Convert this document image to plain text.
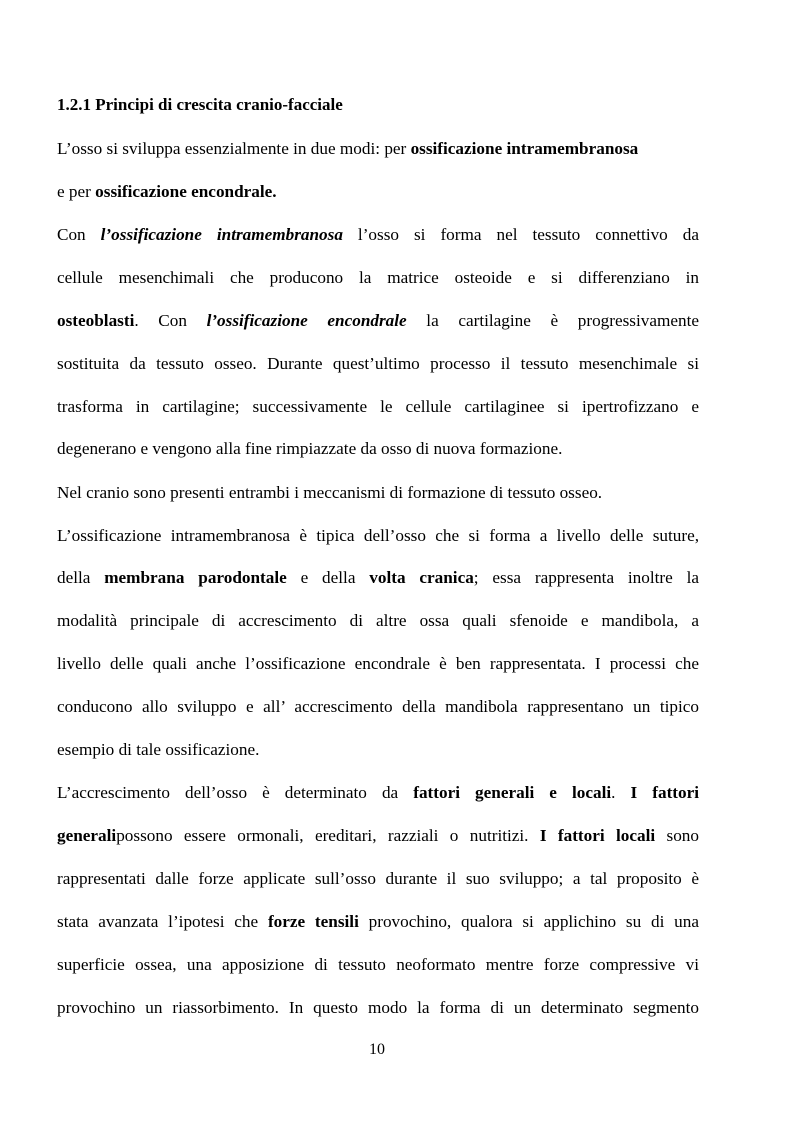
1.2.1 Principi di crescita cranio-facciale

L’osso si sviluppa essenzialmente in due modi: per ossificazione intramembranosa

e per ossificazione encondrale.

Con l’ossificazione intramembranosa l’osso si forma nel tessuto connettivo da

cellule mesenchimali che producono la matrice osteoide e si differenziano in

osteoblasti. Con l’ossificazione encondrale la cartilagine è progressivamente

sostituita da tessuto osseo. Durante quest’ultimo processo il tessuto mesenchimale si

trasforma in cartilagine; successivamente le cellule cartilaginee si ipertrofizzano e

degenerano e vengono alla fine rimpiazzate da osso di nuova formazione.

Nel cranio sono presenti entrambi i meccanismi di formazione di tessuto osseo.

L’ossificazione intramembranosa è tipica dell’osso che si forma a livello delle suture,

della membrana parodontale e della volta cranica; essa rappresenta inoltre la

modalità principale di accrescimento di altre ossa quali sfenoide e mandibola, a

livello delle quali anche l’ossificazione encondrale è ben rappresentata. I processi che

conducono allo sviluppo e all’ accrescimento della mandibola rappresentano un tipico

esempio di tale ossificazione.

L’accrescimento dell’osso è determinato da fattori generali e locali. I fattori

generalipossono essere ormonali, ereditari, razziali o nutritizi. I fattori locali sono

rappresentati dalle forze applicate sull’osso durante il suo sviluppo; a tal proposito è

stata avanzata l’ipotesi che forze tensili provochino, qualora si applichino su di una

superficie ossea, una apposizione di tessuto neoformato mentre forze compressive vi

provochino un riassorbimento. In questo modo la forma di un determinato segmento

10
